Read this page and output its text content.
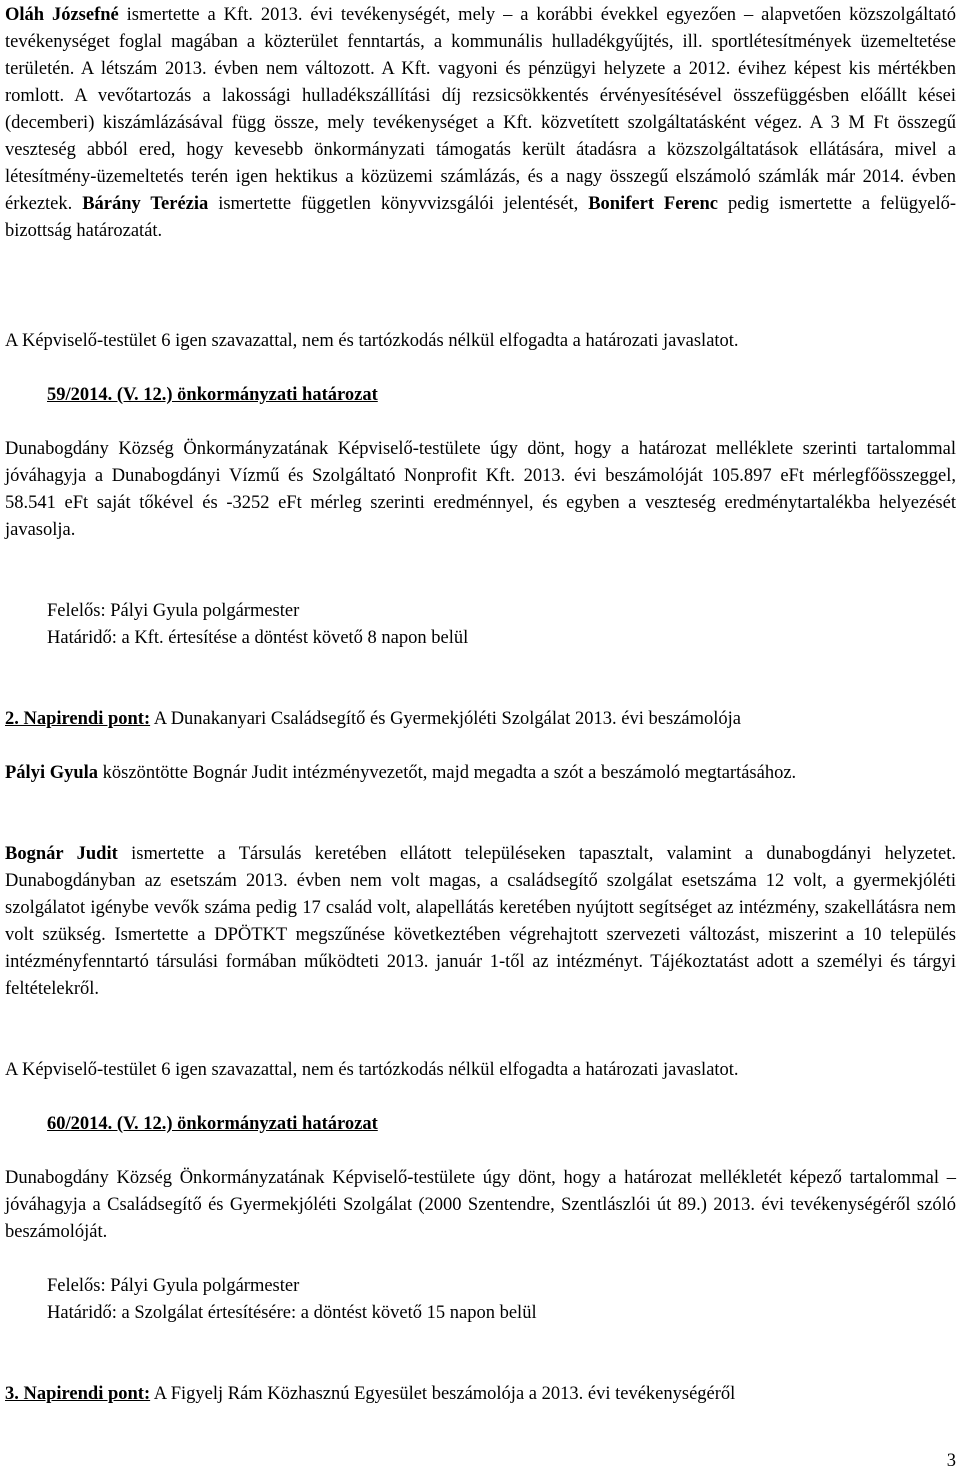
Oláh Józsefné ismertette a Kft. 2013. évi tevékenységét, mely – a korábbi évekkel egyezően – alapvetően közszolgáltató tevékenységet foglal magában a közterület fenntartás, a kommunális hulladékgyűjtés, ill. sportlétesítmények üzemeltetése területén. A létszám 2013. évben nem változott. A Kft. vagyoni és pénzügyi helyzete a 2012. évihez képest kis mértékben romlott. A vevőtartozás a lakossági hulladékszállítási díj rezsicsökkentés érvényesítésével összefüggésben előállt kései (decemberi) kiszámlázásával függ össze, mely tevékenységet a Kft. közvetített szolgáltatásként végez. A 3 M Ft összegű veszteség abból ered, hogy kevesebb önkormányzati támogatás került átadásra a közszolgáltatások ellátására, mivel a létesítmény-üzemeltetés terén igen hektikus a közüzemi számlázás, és a nagy összegű elszámoló számlák már 2014. évben érkeztek. Bárány Terézia ismertette független könyvvizsgálói jelentését, Bonifert Ferenc pedig ismertette a felügyelő-bizottság határozatát.

A Képviselő-testület 6 igen szavazattal, nem és tartózkodás nélkül elfogadta a határozati javaslatot.

59/2014. (V. 12.) önkormányzati határozat

Dunabogdány Község Önkormányzatának Képviselő-testülete úgy dönt, hogy a határozat melléklete szerinti tartalommal jóváhagyja a Dunabogdányi Vízmű és Szolgáltató Nonprofit Kft. 2013. évi beszámolóját 105.897 eFt mérlegfőösszeggel, 58.541 eFt saját tőkével és -3252 eFt mérleg szerinti eredménnyel, és egyben a veszteség eredménytartalékba helyezését javasolja.

Felelős: Pályi Gyula polgármester

Határidő: a Kft. értesítése a döntést követő 8 napon belül

2. Napirendi pont: A Dunakanyari Családsegítő és Gyermekjóléti Szolgálat 2013. évi beszámolója

Pályi Gyula köszöntötte Bognár Judit intézményvezetőt, majd megadta a szót a beszámoló megtartásához.

Bognár Judit ismertette a Társulás keretében ellátott településeken tapasztalt, valamint a dunabogdányi helyzetet. Dunabogdányban az esetszám 2013. évben nem volt magas, a családsegítő szolgálat esetszáma 12 volt, a gyermekjóléti szolgálatot igénybe vevők száma pedig 17 család volt, alapellátás keretében nyújtott segítséget az intézmény, szakellátásra nem volt szükség. Ismertette a DPÖTKT megszűnése következtében végrehajtott szervezeti változást, miszerint a 10 település intézményfenntartó társulási formában működteti 2013. január 1-től az intézményt. Tájékoztatást adott a személyi és tárgyi feltételekről.

A Képviselő-testület 6 igen szavazattal, nem és tartózkodás nélkül elfogadta a határozati javaslatot.

60/2014. (V. 12.) önkormányzati határozat

Dunabogdány Község Önkormányzatának Képviselő-testülete úgy dönt, hogy a határozat mellékletét képező tartalommal – jóváhagyja a Családsegítő és Gyermekjóléti Szolgálat (2000 Szentendre, Szentlászlói út 89.) 2013. évi tevékenységéről szóló beszámolóját.

Felelős: Pályi Gyula polgármester

Határidő: a Szolgálat értesítésére: a döntést követő 15 napon belül

3. Napirendi pont: A Figyelj Rám Közhasznú Egyesület beszámolója a 2013. évi tevékenységéről

3
